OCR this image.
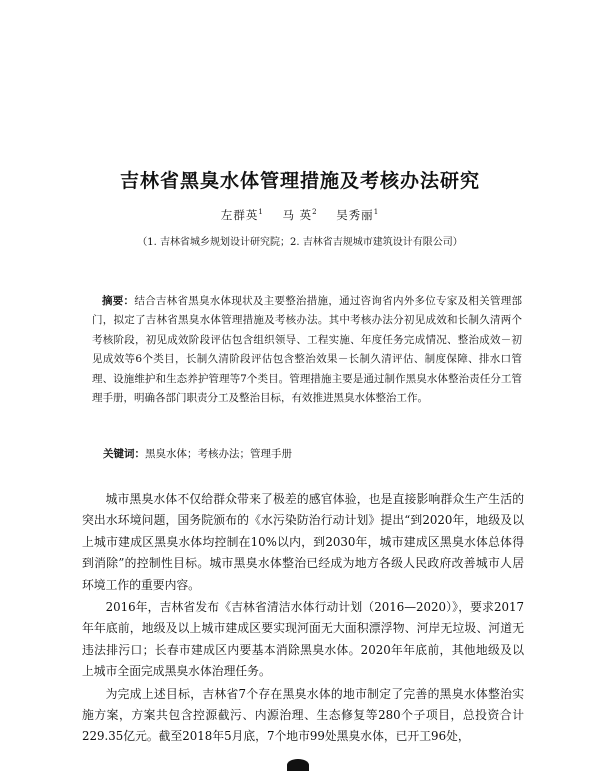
吉林省黑臭水体管理措施及考核办法研究
左群英$^1$ 马 英$^2$ 吴秀丽$^1$
（1. 吉林省城乡规划设计研究院；2. 吉林省吉规城市建筑设计有限公司）
摘要：结合吉林省黑臭水体现状及主要整治措施，通过咨询省内外多位专家及相关管理部门，拟定了吉林省黑臭水体管理措施及考核办法。其中考核办法分初见成效和长制久清两个考核阶段，初见成效阶段评估包含组织领导、工程实施、年度任务完成情况、整治成效－初见成效等6个类目，长制久清阶段评估包含整治效果－长制久清评估、制度保障、排水口管理、设施维护和生态养护管理等7个类目。管理措施主要是通过制作黑臭水体整治责任分工管理手册，明确各部门职责分工及整治目标，有效推进黑臭水体整治工作。
关键词：黑臭水体；考核办法；管理手册

城市黑臭水体不仅给群众带来了极差的感官体验，也是直接影响群众生产生活的突出水环境问题，国务院颁布的《水污染防治行动计划》提出“到2020年，地级及以上城市建成区黑臭水体均控制在10%以内，到2030年，城市建成区黑臭水体总体得到消除”的控制性目标。城市黑臭水体整治已经成为地方各级人民政府改善城市人居环境工作的重要内容。

2016年，吉林省发布《吉林省清洁水体行动计划（2016—2020）》，要求2017年年底前，地级及以上城市建成区要实现河面无大面积漂浮物、河岸无垃圾、河道无违法排污口；长春市建成区内要基本消除黑臭水体。2020年年底前，其他地级及以上城市全面完成黑臭水体治理任务。

为完成上述目标，吉林省7个存在黑臭水体的地市制定了完善的黑臭水体整治实施方案，方案共包含控源截污、内源治理、生态修复等280个子项目，总投资合计229.35亿元。截至2018年5月底，7个地市99处黑臭水体，已开工96处，
